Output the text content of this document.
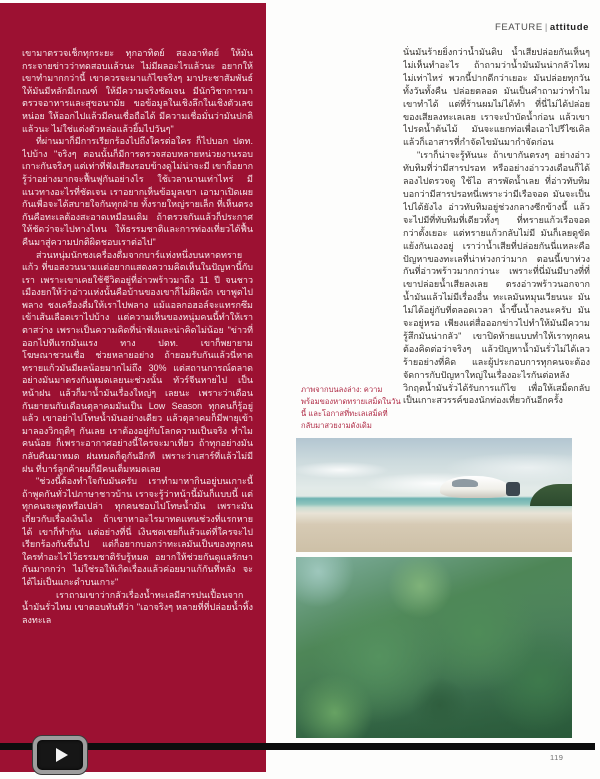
เขามาตรวจเช็กทุกระยะ ทุกอาทิตย์ สองอาทิตย์ ให้มันกระจายข่าวว่าทดสอบแล้วนะ ไม่มีผลอะไรแล้วนะ อยากให้เขาทำมากกว่านี้ เขาควรจะมาแก้ไขจริงๆ มาประชาสัมพันธ์ให้มันมีหลักมีเกณฑ์ ให้มีความจริงชัดเจน มีนักวิชาการมาตรวจอาหารและสุขอนามัย ขอข้อมูลในเชิงลึกในเชิงตัวเลขหน่อย ให้ออกไปแล้วมีคนเชื่อถือได้ มีความเชื่อมั่นว่ามันปกติแล้วนะ ไม่ใช่แต่งตัวหล่อแล้วยิ้มไปวันๆ"

ที่ผ่านมาก็มีการเรียกร้องไปถึงใครต่อใคร ก็ไปบอก ปตท. ไปบ้าง "จริงๆ ตอนนั้นก็มีการตรวจสอบหลายหน่วยงานรอบเกาะกันจริงๆ แต่เท่าที่ฟังเสียงรอบข้างดูไม่น่าจะมี เขาก็อยากรู้ว่าอย่างมากจะฟื้นฟูกันอย่างไร ใช้เวลานานเท่าไหร่ มีแนวทางอะไรที่ชัดเจน เราอยากเห็นข้อมูลเขา เอามาเปิดเผยกันเพื่อจะได้สบายใจกันทุกฝ่าย ทั้งรายใหญ่รายเล็ก ที่เห็นตรงกันคือทะเลต้องสะอาดเหมือนเดิม ถ้าตรวจกันแล้วก็ประกาศให้ชัดว่าจะไปทางไหน ให้ธรรมชาติและการท่องเที่ยวได้ฟื้นคืนมาสู่ความปกติผิดชอบเราต่อไป"

ส่วนหนุ่มนักชงเครื่องดื่มจากบาร์แห่งหนึ่งบนหาดทรายแก้ว ที่ขอสงวนนามแต่อยากแสดงความคิดเห็นในปัญหานี้กับเรา เพราะเขาเคยใช้ชีวิตอยู่ที่อ่าวพร้าวมาถึง 11 ปี จนชาวเมืองยกให้ว่าอ่าวแห่งนั้นคือบ้านของเขาก็ไม่ผิดนัก เขาพูดไปพลาง ชงเครื่องดื่มให้เราไปพลาง แม้แอลกอฮอล์จะแทรกซึมเข้าเส้นเลือดเราไปบ้าง แต่ความเห็นของหนุ่มคนนี้ทำให้เราตาสว่าง เพราะเป็นความคิดที่น่าฟังและน่าคิดไม่น้อย "ข่าวที่ออกไปทีแรกมันแรง ทาง ปตท. เขาก็พยายามโฆษณาชวนเชื่อ ช่วยหลายอย่าง ถ้ายอมรับกันแล้วนี่หาดทรายแก้วมันมีผลน้อยมากไม่ถึง 30% แต่สถานการณ์ตลาดอย่างมันมาตรงกันหมดเลยนะช่วงนั้น ทัวร์จีนหายไป เป็นหน้าฝน แล้วก็มาน้ำมันเรื่องใหญ่ๆ เลยนะ เพราะว่าเดือนกันยายนกับเดือนตุลาคมมันเป็น Low Season ทุกคนก็รู้อยู่แล้ว เขาอย่าไปโทษน้ำมันอย่างเดียว แล้วตุลาคมก็มีพายุเข้ามาลองวิกฤติๆ กันเลย เราต้องอยู่กับโลกความเป็นจริง ทำไมคนน้อย ก็เพราะอากาศอย่างนี้ใครจะมาเที่ยว ถ้าทุกอย่างมันกลับคืนมาหมด ฝนหมดก็ดูกันอีกที เพราะว่าเสาร์ที่แล้วไม่มีฝน ที่บาร์ลูกค้าผมก็มีคนเต็มหมดเลย

"ช่วงนี้ต้องทำใจกับมันครับ เราทำมาหากินอยู่บนเกาะนี้ ถ้าพูดกันทั่วไปภาษาชาวบ้าน เราจะรู้ว่าหน้านี้มันก็แบบนี้ แต่ทุกคนจะพูดหรือเปล่า ทุกคนชอบไปโทษน้ำมัน เพราะมันเกี่ยวกับเรื่องเงินไง ถ้าเขาหาอะไรมาทดแทนช่วงที่แรกหายได้ เขาก็ทำกัน แต่อย่างที่นี่ เงินชดเชยก็แล้วแต่ที่ใครจะไปเรียกร้องกันขึ้นไป แต่ก็อยากบอกว่าทะเลมันเป็นของทุกคน ใครทำอะไรไว้ธรรมชาติรับรู้หมด อยากให้ช่วยกันดูแลรักษากันมากกว่า ไม่ใช่รอให้เกิดเรื่องแล้วค่อยมาแก้กันทีหลัง จะได้ไม่เป็นแกะดำบนเกาะ"

เราถามเขาว่ากลัวเรื่องน้ำทะเลมีสารปนเปื้อนจากน้ำมันรั่วไหม เขาตอบทันทีว่า "เอาจริงๆ หลายที่ที่ปล่อยน้ำทิ้งลงทะเล

FEATURE | attitude

นั่นมันร้ายยิ่งกว่าน้ำมันดิบ น้ำเสียปล่อยกันเห็นๆ ไม่เห็นทำอะไร ถ้าถามว่าน้ำมันมันน่ากลัวไหม ไม่เท่าไหร่ พวกนี้ปากดีกว่าเยอะ มันปล่อยทุกวัน ทั้งวันทั้งคืน ปล่อยตลอด มันเป็นคำถามว่าทำไมเขาทำได้ แต่ที่ร้านผมไม่ได้ทำ ที่นี่ไม่ได้ปล่อยของเสียลงทะเลเลย เราจะบำบัดน้ำก่อน แล้วเขาไปรดน้ำต้นไม้ มันจะแยกท่อเพื่อเอาไปรีไซเคิล แล้วก็เอาสารที่กำจัดไขมันมากำจัดก่อน

"เราก็น่าจะรู้ทันนะ ถ้าเขากันตรงๆ อย่างอ่าวทับทิมที่ว่ามีสารปรอท หรืออย่างอ่าววงเดือนก็ได้ ลองไปตรวจดู ใช้ไอ สารพัดน้ำเลย ที่อ่าวทับทิมบอกว่ามีสารปรอทนี่เพราะว่ามีเรือจอด มันจะเป็นไปได้ยังไง อ่าวทับทิมอยู่ช่วงกลางซีกข้างนี้ แล้วจะไปมีที่ทับทิมที่เดียวทั้งๆ ที่ทรายแก้วเรือจอดกว่าตั้งเยอะ แต่ทรายแก้วกลับไม่มี มันก็เลยดูขัดแย้งกันเองอยู่ เราว่าน้ำเสียที่ปล่อยกันนี่แหละคือปัญหาของทะเลที่น่าห่วงกว่ามาก ตอนนี้เขาห่วงกันที่อ่าวพร้าวมากกว่านะ เพราะที่นี่มันมีบางที่ที่เขาปล่อยน้ำเสียลงเลย ตรงอ่าวพร้าวนอกจากน้ำมันแล้วไม่มีเรื่องอื่น ทะเลมันหมุนเวียนนะ มันไม่ได้อยู่กับที่ตลอดเวลา น้ำขึ้นน้ำลงนะครับ มันจะอยู่หรอ เพียงแต่สื่อออกข่าวไปทำให้มันมีความรู้สึกมันน่ากลัว" เขาปิดท้ายแบบทำให้เราทุกคนต้องคิดต่อว่าจริงๆ แล้วปัญหาน้ำมันรั่วไม่ได้เลวร้ายอย่างที่คิด และผู้ประกอบการทุกคนจะต้องจัดการกับปัญหาใหญ่ในเรื่องอะไรกันต่อหลังวิกฤตน้ำมันรั่วได้รับการแก้ไข เพื่อให้เสม็ดกลับเป็นเกาะสวรรค์ของนักท่องเที่ยวกันอีกครั้ง

ภาพจากบนลงล่าง: ความพร้อมของหาดทรายเสม็ดในวันนี้ และโอกาสที่ทะเลเสม็ดที่กลับมาสวยงามดังเดิม
119
